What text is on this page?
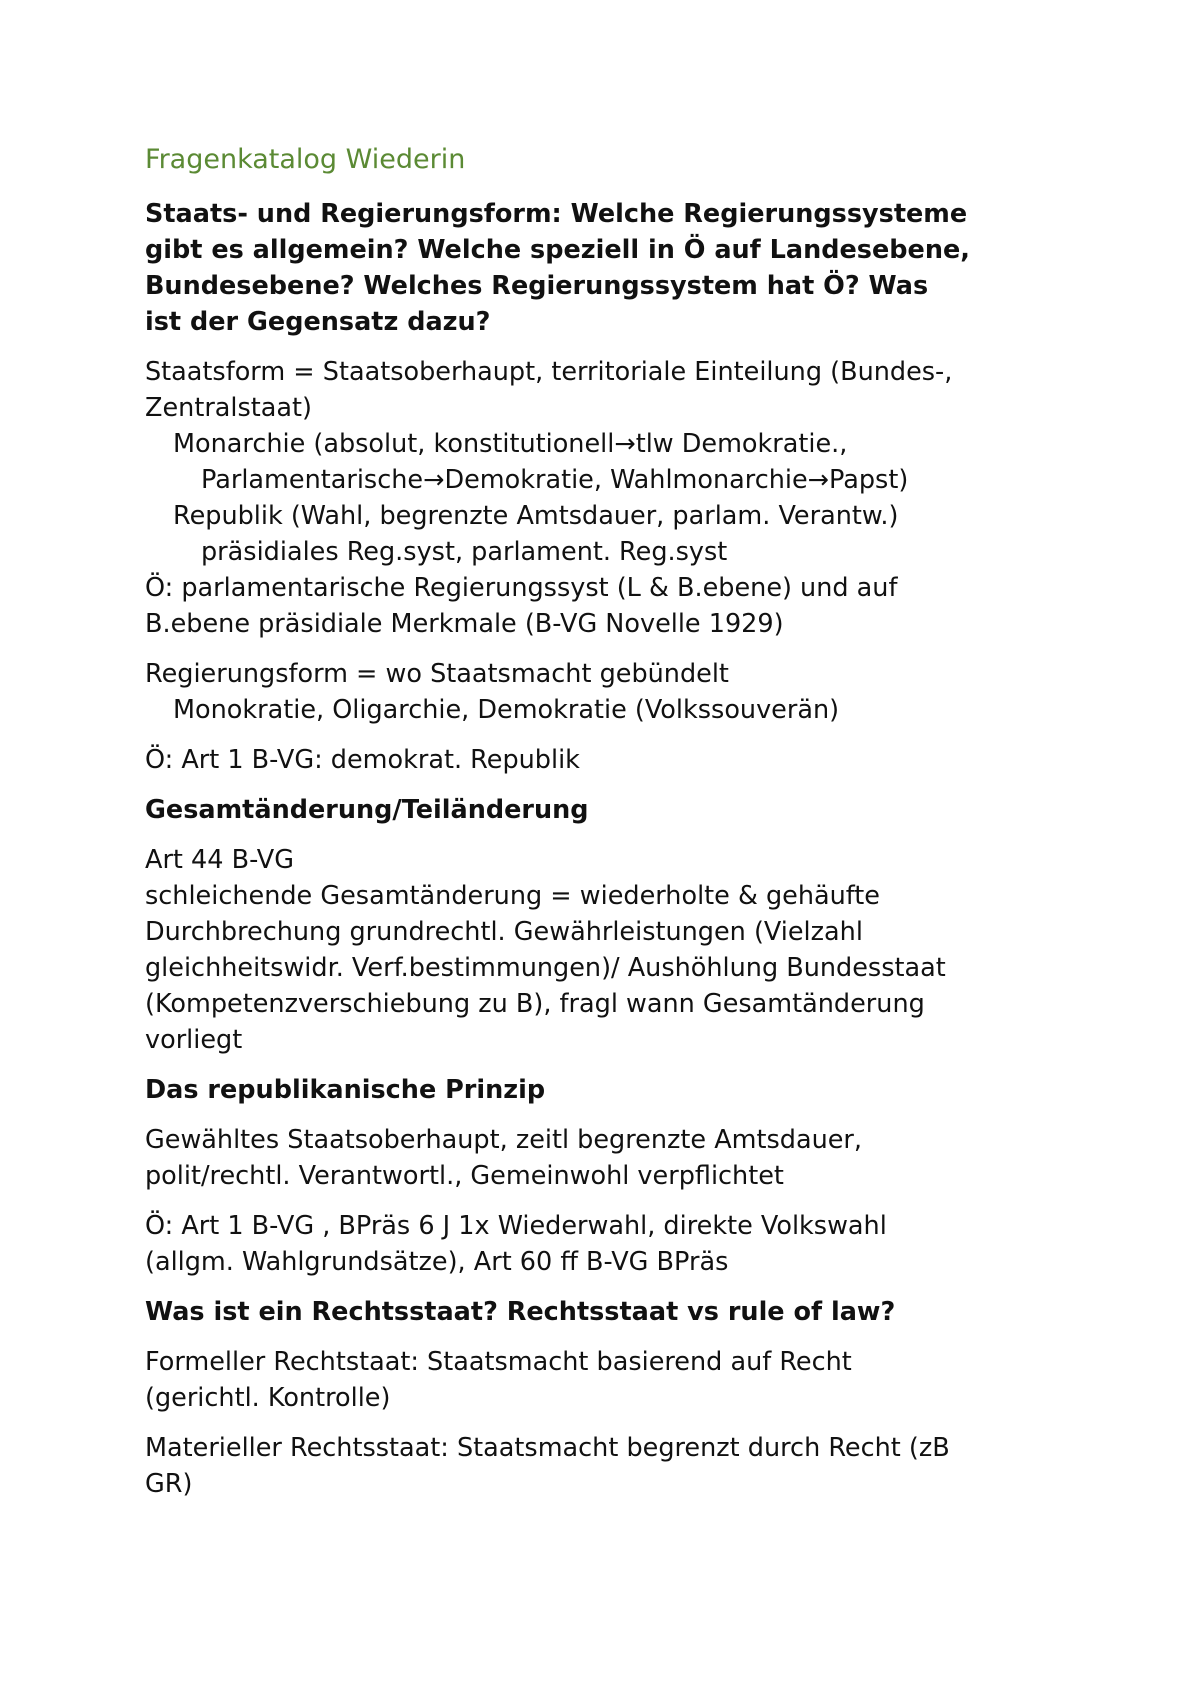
Fragenkatalog Wiederin
Staats- und Regierungsform: Welche Regierungssysteme
gibt es allgemein? Welche speziell in Ö auf Landesebene,
Bundesebene? Welches Regierungssystem hat Ö? Was
ist der Gegensatz dazu?
Staatsform = Staatsoberhaupt, territoriale Einteilung (Bundes-,
Zentralstaat)
Monarchie (absolut, konstitutionell→tlw Demokratie.,
Parlamentarische→Demokratie, Wahlmonarchie→Papst)
Republik (Wahl, begrenzte Amtsdauer, parlam. Verantw.)
präsidiales Reg.syst, parlament. Reg.syst
Ö: parlamentarische Regierungssyst (L & B.ebene) und auf
B.ebene präsidiale Merkmale (B-VG Novelle 1929)
Regierungsform = wo Staatsmacht gebündelt
Monokratie, Oligarchie, Demokratie (Volkssouverän)
Ö: Art 1 B-VG: demokrat. Republik
Gesamtänderung/Teiländerung
Art 44 B-VG
schleichende Gesamtänderung = wiederholte & gehäufte
Durchbrechung grundrechtl. Gewährleistungen (Vielzahl
gleichheitswidr. Verf.bestimmungen)/ Aushöhlung Bundesstaat
(Kompetenzverschiebung zu B), fragl wann Gesamtänderung
vorliegt
Das republikanische Prinzip
Gewähltes Staatsoberhaupt, zeitl begrenzte Amtsdauer,
polit/rechtl. Verantwortl., Gemeinwohl verpflichtet
Ö: Art 1 B-VG , BPräs 6 J 1x Wiederwahl, direkte Volkswahl
(allgm. Wahlgrundsätze), Art 60 ff B-VG BPräs
Was ist ein Rechtsstaat? Rechtsstaat vs rule of law?
Formeller Rechtstaat: Staatsmacht basierend auf Recht
(gerichtl. Kontrolle)
Materieller Rechtsstaat: Staatsmacht begrenzt durch Recht (zB
GR)
